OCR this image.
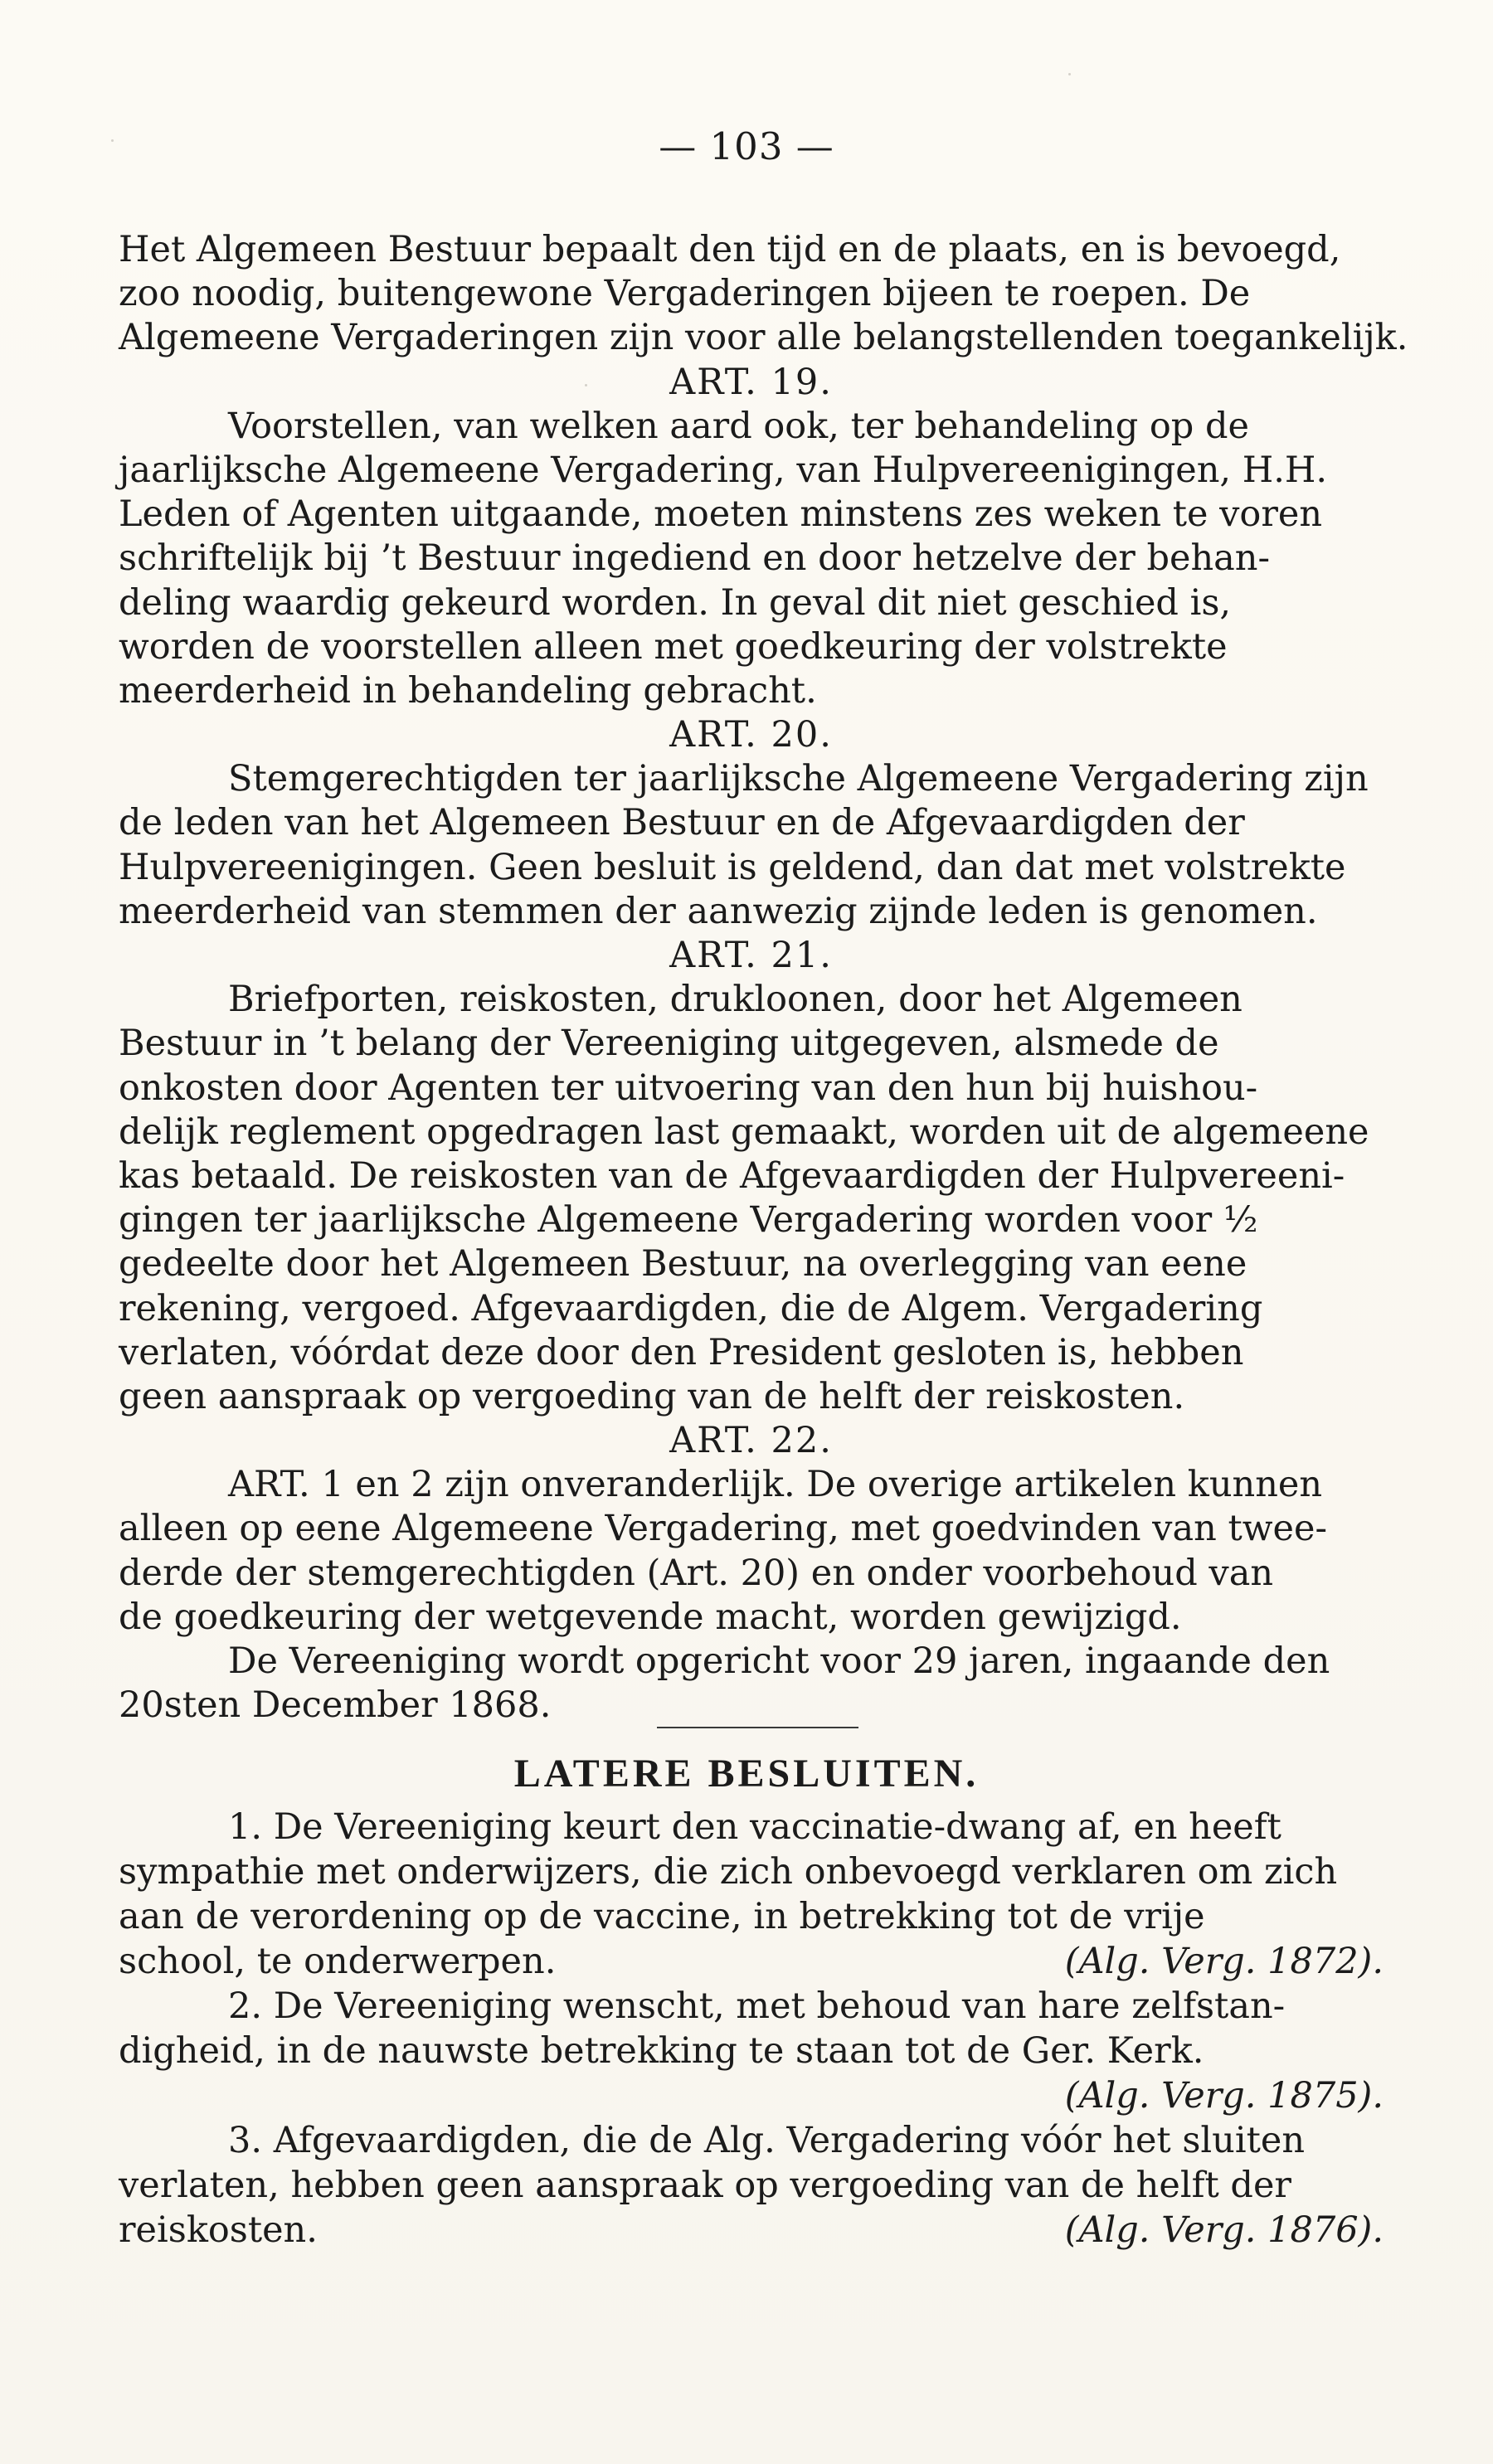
— 103 —
Het Algemeen Bestuur bepaalt den tijd en de plaats, en is bevoegd,
zoo noodig, buitengewone Vergaderingen bijeen te roepen. De
Algemeene Vergaderingen zijn voor alle belangstellenden toegankelijk.
ART. 19.
Voorstellen, van welken aard ook, ter behandeling op de
jaarlijksche Algemeene Vergadering, van Hulpvereenigingen, H.H.
Leden of Agenten uitgaande, moeten minstens zes weken te voren
schriftelijk bij ’t Bestuur ingediend en door hetzelve der behan-
deling waardig gekeurd worden. In geval dit niet geschied is,
worden de voorstellen alleen met goedkeuring der volstrekte
meerderheid in behandeling gebracht.
ART. 20.
Stemgerechtigden ter jaarlijksche Algemeene Vergadering zijn
de leden van het Algemeen Bestuur en de Afgevaardigden der
Hulpvereenigingen. Geen besluit is geldend, dan dat met volstrekte
meerderheid van stemmen der aanwezig zijnde leden is genomen.
ART. 21.
Briefporten, reiskosten, drukloonen, door het Algemeen
Bestuur in ’t belang der Vereeniging uitgegeven, alsmede de
onkosten door Agenten ter uitvoering van den hun bij huishou-
delijk reglement opgedragen last gemaakt, worden uit de algemeene
kas betaald. De reiskosten van de Afgevaardigden der Hulpvereeni-
gingen ter jaarlijksche Algemeene Vergadering worden voor ½
gedeelte door het Algemeen Bestuur, na overlegging van eene
rekening, vergoed. Afgevaardigden, die de Algem. Vergadering
verlaten, vóórdat deze door den President gesloten is, hebben
geen aanspraak op vergoeding van de helft der reiskosten.
ART. 22.
ART. 1 en 2 zijn onveranderlijk. De overige artikelen kunnen
alleen op eene Algemeene Vergadering, met goedvinden van twee-
derde der stemgerechtigden (Art. 20) en onder voorbehoud van
de goedkeuring der wetgevende macht, worden gewijzigd.
De Vereeniging wordt opgericht voor 29 jaren, ingaande den
20sten December 1868.
LATERE BESLUITEN.
1. De Vereeniging keurt den vaccinatie-dwang af, en heeft
sympathie met onderwijzers, die zich onbevoegd verklaren om zich
aan de verordening op de vaccine, in betrekking tot de vrije
school, te onderwerpen.	(Alg. Verg. 1872).
2. De Vereeniging wenscht, met behoud van hare zelfstan-
digheid, in de nauwste betrekking te staan tot de Ger. Kerk.
(Alg. Verg. 1875).
3. Afgevaardigden, die de Alg. Vergadering vóór het sluiten
verlaten, hebben geen aanspraak op vergoeding van de helft der
reiskosten.	(Alg. Verg. 1876).
